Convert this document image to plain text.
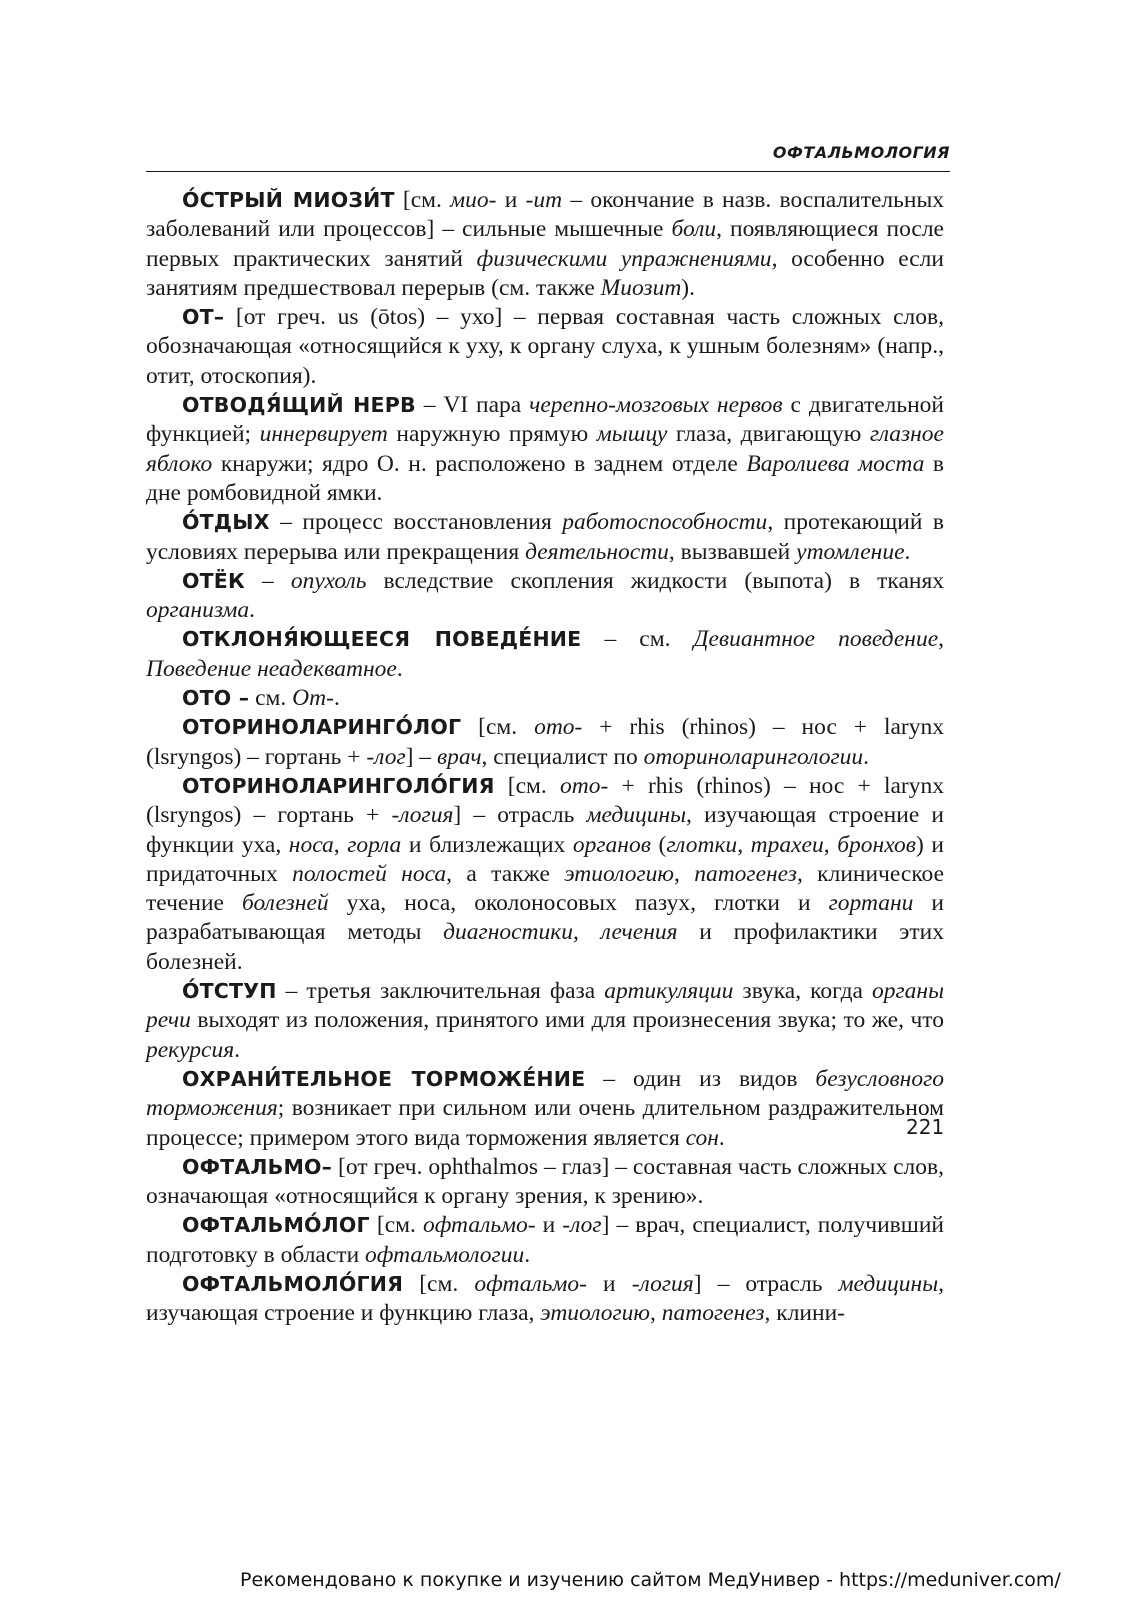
ОФТАЛЬМОЛОГИЯ

О́СТРЫЙ МИОЗИ́Т [см. мио- и -ит – окончание в назв. воспалительных заболеваний или процессов] – сильные мышечные боли, появляющиеся после первых практических занятий физическими упражнениями, особенно если занятиям предшествовал перерыв (см. также Миозит).

ОТ– [от греч. us (ōtos) – ухо] – первая составная часть сложных слов, обозначающая «относящийся к уху, к органу слуха, к ушным болезням» (напр., отит, отоскопия).

ОТВОДЯ́ЩИЙ НЕРВ – VI пара черепно-мозговых нервов с двигательной функцией; иннервирует наружную прямую мышцу глаза, двигающую глазное яблоко кнаружи; ядро О. н. расположено в заднем отделе Варолиева моста в дне ромбовидной ямки.

О́ТДЫХ – процесс восстановления работоспособности, протекающий в условиях перерыва или прекращения деятельности, вызвавшей утомление.

ОТЁК – опухоль вследствие скопления жидкости (выпота) в тканях организма.

ОТКЛОНЯ́ЮЩЕЕСЯ ПОВЕДЕ́НИЕ – см. Девиантное поведение, Поведение неадекватное.

ОТО – см. От-.

ОТОРИНОЛАРИНГО́ЛОГ [см. ото- + rhis (rhinos) – нос + larynx (lsryngos) – гортань + -лог] – врач, специалист по оториноларингологии.

ОТОРИНОЛАРИНГОЛО́ГИЯ [см. ото- + rhis (rhinos) – нос + larynx (lsryngos) – гортань + -логия] – отрасль медицины, изучающая строение и функции уха, носа, горла и близлежащих органов (глотки, трахеи, бронхов) и придаточных полостей носа, а также этиологию, патогенез, клиническое течение болезней уха, носа, околоносовых пазух, глотки и гортани и разрабатывающая методы диагностики, лечения и профилактики этих болезней.

О́ТСТУП – третья заключительная фаза артикуляции звука, когда органы речи выходят из положения, принятого ими для произнесения звука; то же, что рекурсия.

ОХРАНИ́ТЕЛЬНОЕ ТОРМОЖЕ́НИЕ – один из видов безусловного торможения; возникает при сильном или очень длительном раздражительном процессе; примером этого вида торможения является сон.

ОФТАЛЬМО– [от греч. ophthalmos – глаз] – составная часть сложных слов, означающая «относящийся к органу зрения, к зрению».

ОФТАЛЬМО́ЛОГ [см. офтальмо- и -лог] – врач, специалист, получивший подготовку в области офтальмологии.

ОФТАЛЬМОЛО́ГИЯ [см. офтальмо- и -логия] – отрасль медицины, изучающая строение и функцию глаза, этиологию, патогенез, клини-

221
Рекомендовано к покупке и изучению сайтом МедУнивер - https://meduniver.com/
